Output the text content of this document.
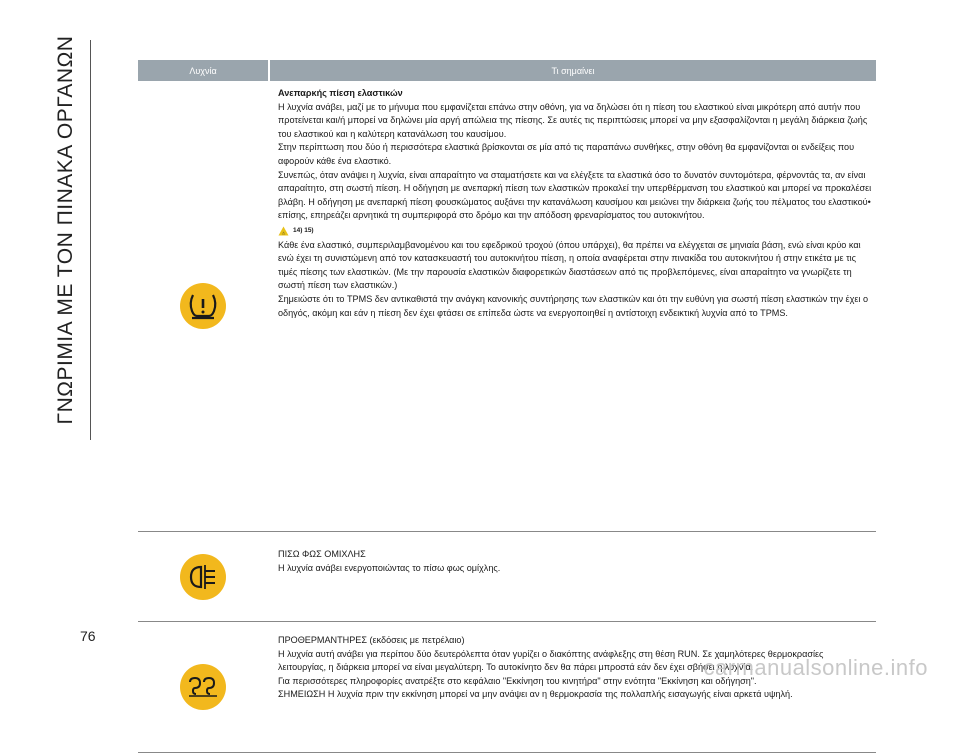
ΓΝΩΡΙΜΙΑ ΜΕ ΤΟΝ ΠΙΝΑΚΑ ΟΡΓΑΝΩΝ	Λυχνία	Τι σημαίνει

Ανεπαρκής πίεση ελαστικών

Η λυχνία ανάβει, μαζί με το μήνυμα που εμφανίζεται επάνω στην οθόνη, για να δηλώσει ότι η πίεση του ελαστικού είναι μικρότερη από αυτήν που προτείνεται και/ή μπορεί να δηλώνει μία αργή απώλεια της πίεσης. Σε αυτές τις περιπτώσεις μπορεί να μην εξασφαλίζονται η μεγάλη διάρκεια ζωής του ελαστικού και η καλύτερη κατανάλωση του καυσίμου.

Στην περίπτωση που δύο ή περισσότερα ελαστικά βρίσκονται σε μία από τις παραπάνω συνθήκες, στην οθόνη θα εμφανίζονται οι ενδείξεις που αφορούν κάθε ένα ελαστικό.

Συνεπώς, όταν ανάψει η λυχνία, είναι απαραίτητο να σταματήσετε και να ελέγξετε τα ελαστικά όσο το δυνατόν συντομότερα, φέρνοντάς τα, αν είναι απαραίτητο, στη σωστή πίεση. Η οδήγηση με ανεπαρκή πίεση των ελαστικών προκαλεί την υπερθέρμανση του ελαστικού και μπορεί να προκαλέσει βλάβη. Η οδήγηση με ανεπαρκή πίεση φουσκώματος αυξάνει την κατανάλωση καυσίμου και μειώνει την διάρκεια ζωής του πέλματος του ελαστικού• επίσης, επηρεάζει αρνητικά τη συμπεριφορά στο δρόμο και την απόδοση φρεναρίσματος του αυτοκινήτου.

⚠ 14) 15)

Κάθε ένα ελαστικό, συμπεριλαμβανομένου και του εφεδρικού τροχού (όπου υπάρχει), θα πρέπει να ελέγχεται σε μηνιαία βάση, ενώ είναι κρύο και ενώ έχει τη συνιστώμενη από τον κατασκευαστή του αυτοκινήτου πίεση, η οποία αναφέρεται στην πινακίδα του αυτοκινήτου ή στην ετικέτα με τις τιμές πίεσης των ελαστικών. (Με την παρουσία ελαστικών διαφορετικών διαστάσεων από τις προβλεπόμενες, είναι απαραίτητο να γνωρίζετε τη σωστή πίεση των ελαστικών.)

Σημειώστε ότι το TPMS δεν αντικαθιστά την ανάγκη κανονικής συντήρησης των ελαστικών και ότι την ευθύνη για σωστή πίεση ελαστικών την έχει ο οδηγός, ακόμη και εάν η πίεση δεν έχει φτάσει σε επίπεδα ώστε να ενεργοποιηθεί η αντίστοιχη ενδεικτική λυχνία από το TPMS.

ΠΙΣΩ ΦΩΣ ΟΜΙΧΛΗΣ

Η λυχνία ανάβει ενεργοποιώντας το πίσω φως ομίχλης.

ΠΡΟΘΕΡΜΑΝΤΗΡΕΣ (εκδόσεις με πετρέλαιο)

Η λυχνία αυτή ανάβει για περίπου δύο δευτερόλεπτα όταν γυρίζει ο διακόπτης ανάφλεξης στη θέση RUN. Σε χαμηλότερες θερμοκρασίες λειτουργίας, η διάρκεια μπορεί να είναι μεγαλύτερη. Το αυτοκίνητο δεν θα πάρει μπροστά εάν δεν έχει σβήσει η λυχνία.

Για περισσότερες πληροφορίες ανατρέξτε στο κεφάλαιο "Εκκίνηση του κινητήρα" στην ενότητα "Εκκίνηση και οδήγηση".

ΣΗΜΕΙΩΣΗ Η λυχνία πριν την εκκίνηση μπορεί να μην ανάψει αν η θερμοκρασία της πολλαπλής εισαγωγής είναι αρκετά υψηλή.

76
carmanualsonline.info
